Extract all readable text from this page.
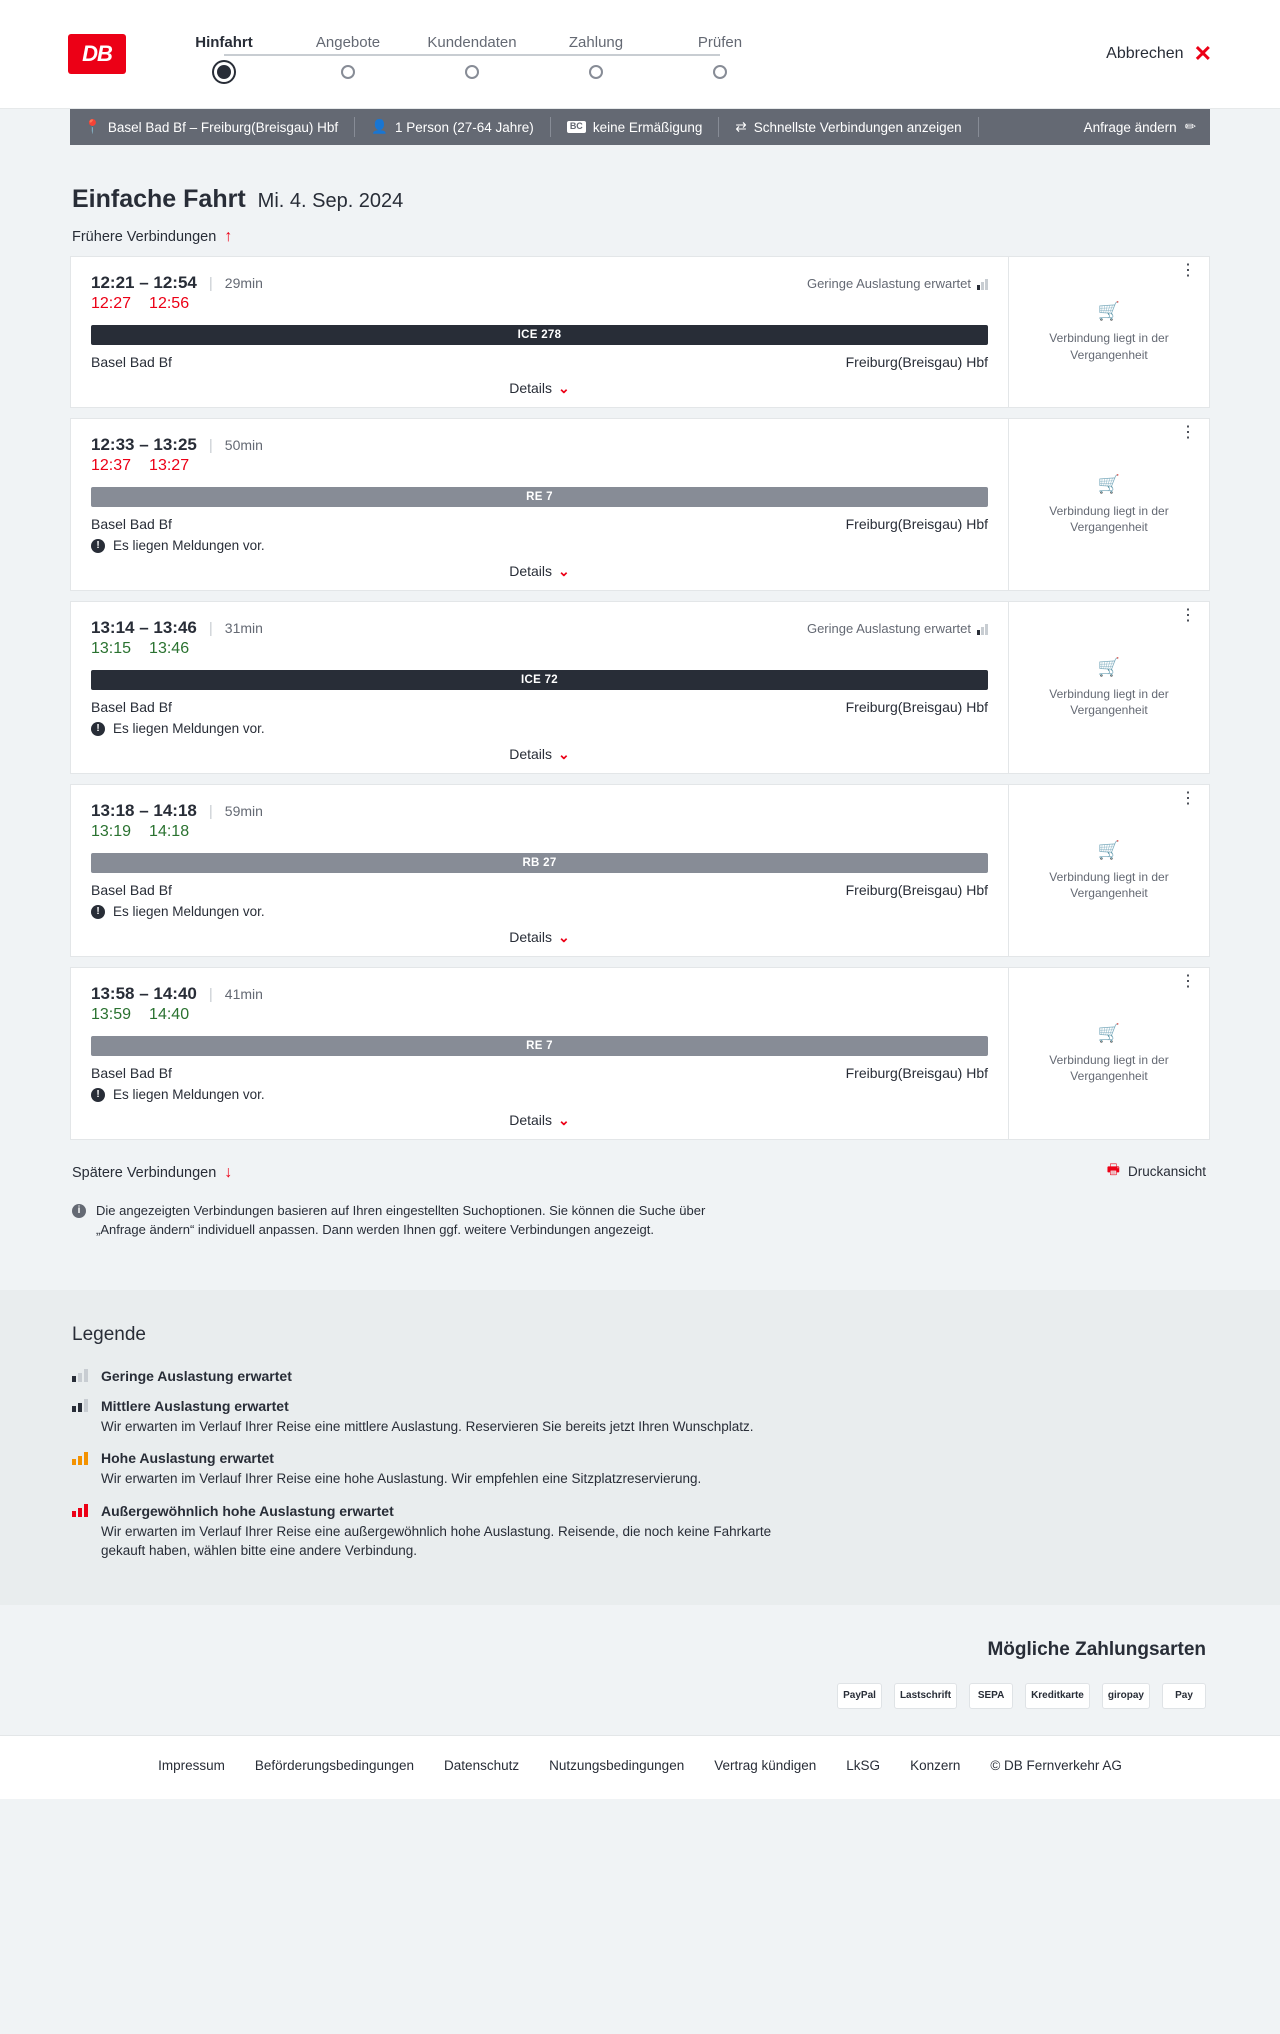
DB	Hinfahrt	Angebote	Kundendaten	Zahlung	Prüfen
Abbrechen ✕
📍 Basel Bad Bf – Freiburg(Breisgau) Hbf 👤 1 Person (27-64 Jahre)	BC keine Ermäßigung ⇄ Schnellste Verbindungen anzeigen	Anfrage ändern ✏
Einfache Fahrt Mi. 4. Sep. 2024
Frühere Verbindungen ↑
12:21 – 12:54 | 29min	Geringe Auslastung erwartet
12:27 12:56
ICE 278
Basel Bad Bf	Freiburg(Breisgau) Hbf
Details ⌄
⋮
🛒
Verbindung liegt in der Vergangenheit
12:33 – 13:25 | 50min
12:37 13:27
RE 7
Basel Bad Bf	Freiburg(Breisgau) Hbf
! Es liegen Meldungen vor.
Details ⌄
⋮
🛒
Verbindung liegt in der Vergangenheit
13:14 – 13:46 | 31min	Geringe Auslastung erwartet
13:15 13:46
ICE 72
Basel Bad Bf	Freiburg(Breisgau) Hbf
! Es liegen Meldungen vor.
Details ⌄
⋮
🛒
Verbindung liegt in der Vergangenheit
13:18 – 14:18 | 59min
13:19 14:18
RB 27
Basel Bad Bf	Freiburg(Breisgau) Hbf
! Es liegen Meldungen vor.
Details ⌄
⋮
🛒
Verbindung liegt in der Vergangenheit
13:58 – 14:40 | 41min
13:59 14:40
RE 7
Basel Bad Bf	Freiburg(Breisgau) Hbf
! Es liegen Meldungen vor.
Details ⌄
⋮
🛒
Verbindung liegt in der Vergangenheit
Spätere Verbindungen ↓	🖶 Druckansicht
i	Die angezeigten Verbindungen basieren auf Ihren eingestellten Suchoptionen. Sie können die Suche über „Anfrage ändern“ individuell anpassen. Dann werden Ihnen ggf. weitere Verbindungen angezeigt.
Legende
Geringe Auslastung erwartet
Mittlere Auslastung erwartet
Wir erwarten im Verlauf Ihrer Reise eine mittlere Auslastung. Reservieren Sie bereits jetzt Ihren Wunschplatz.
Hohe Auslastung erwartet
Wir erwarten im Verlauf Ihrer Reise eine hohe Auslastung. Wir empfehlen eine Sitzplatzreservierung.
Außergewöhnlich hohe Auslastung erwartet
Wir erwarten im Verlauf Ihrer Reise eine außergewöhnlich hohe Auslastung. Reisende, die noch keine Fahrkarte gekauft haben, wählen bitte eine andere Verbindung.
Mögliche Zahlungsarten
PayPal	Lastschrift	SEPA	Kreditkarte	giropay	Pay
Impressum Beförderungsbedingungen Datenschutz Nutzungsbedingungen Vertrag kündigen LkSG Konzern © DB Fernverkehr AG
